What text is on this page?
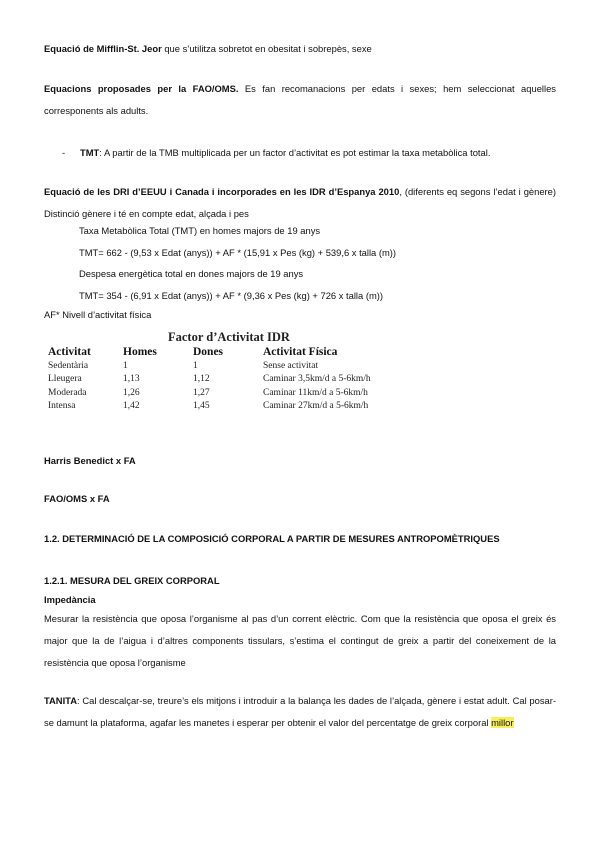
Equació de Mifflin-St. Jeor que s’utilitza sobretot en obesitat i sobrepès, sexe
Equacions proposades per la FAO/OMS. Es fan recomanacions per edats i sexes; hem seleccionat aquelles corresponents als adults.
- TMT: A partir de la TMB multiplicada per un factor d’activitat es pot estimar la taxa metabòlica total.
Equació de les DRI d’EEUU i Canada i incorporades en les IDR d’Espanya 2010, (diferents eq segons l’edat i gènere) Distinció gènere i té en compte edat, alçada i pes
Taxa Metabòlica Total (TMT) en homes majors de 19 anys
TMT= 662 - (9,53 x Edat (anys)) + AF * (15,91 x Pes (kg) + 539,6 x talla (m))
Despesa energètica total en dones majors de 19 anys
TMT= 354 - (6,91 x Edat (anys)) + AF * (9,36 x Pes (kg) + 726 x talla (m))
AF* Nivell d’activitat física
Factor d’Activitat IDR
Activitat	Homes	Dones	Activitat Física
Sedentària	1	1	Sense activitat
Lleugera	1,13	1,12	Caminar 3,5km/d a 5-6km/h
Moderada	1,26	1,27	Caminar 11km/d a 5-6km/h
Intensa	1,42	1,45	Caminar 27km/d a 5-6km/h
Harris Benedict x FA
FAO/OMS x FA
1.2. DETERMINACIÓ DE LA COMPOSICIÓ CORPORAL A PARTIR DE MESURES ANTROPOMÈTRIQUES
1.2.1. MESURA DEL GREIX CORPORAL
Impedància
Mesurar la resistència que oposa l’organisme al pas d’un corrent elèctric. Com que la resistència que oposa el greix és major que la de l’aigua i d’altres components tissulars, s’estima el contingut de greix a partir del coneixement de la resistència que oposa l’organisme
TANITA: Cal descalçar-se, treure’s els mitjons i introduir a la balança les dades de l’alçada, gènere i estat adult. Cal posar-se damunt la plataforma, agafar les manetes i esperar per obtenir el valor del percentatge de greix corporal millor
